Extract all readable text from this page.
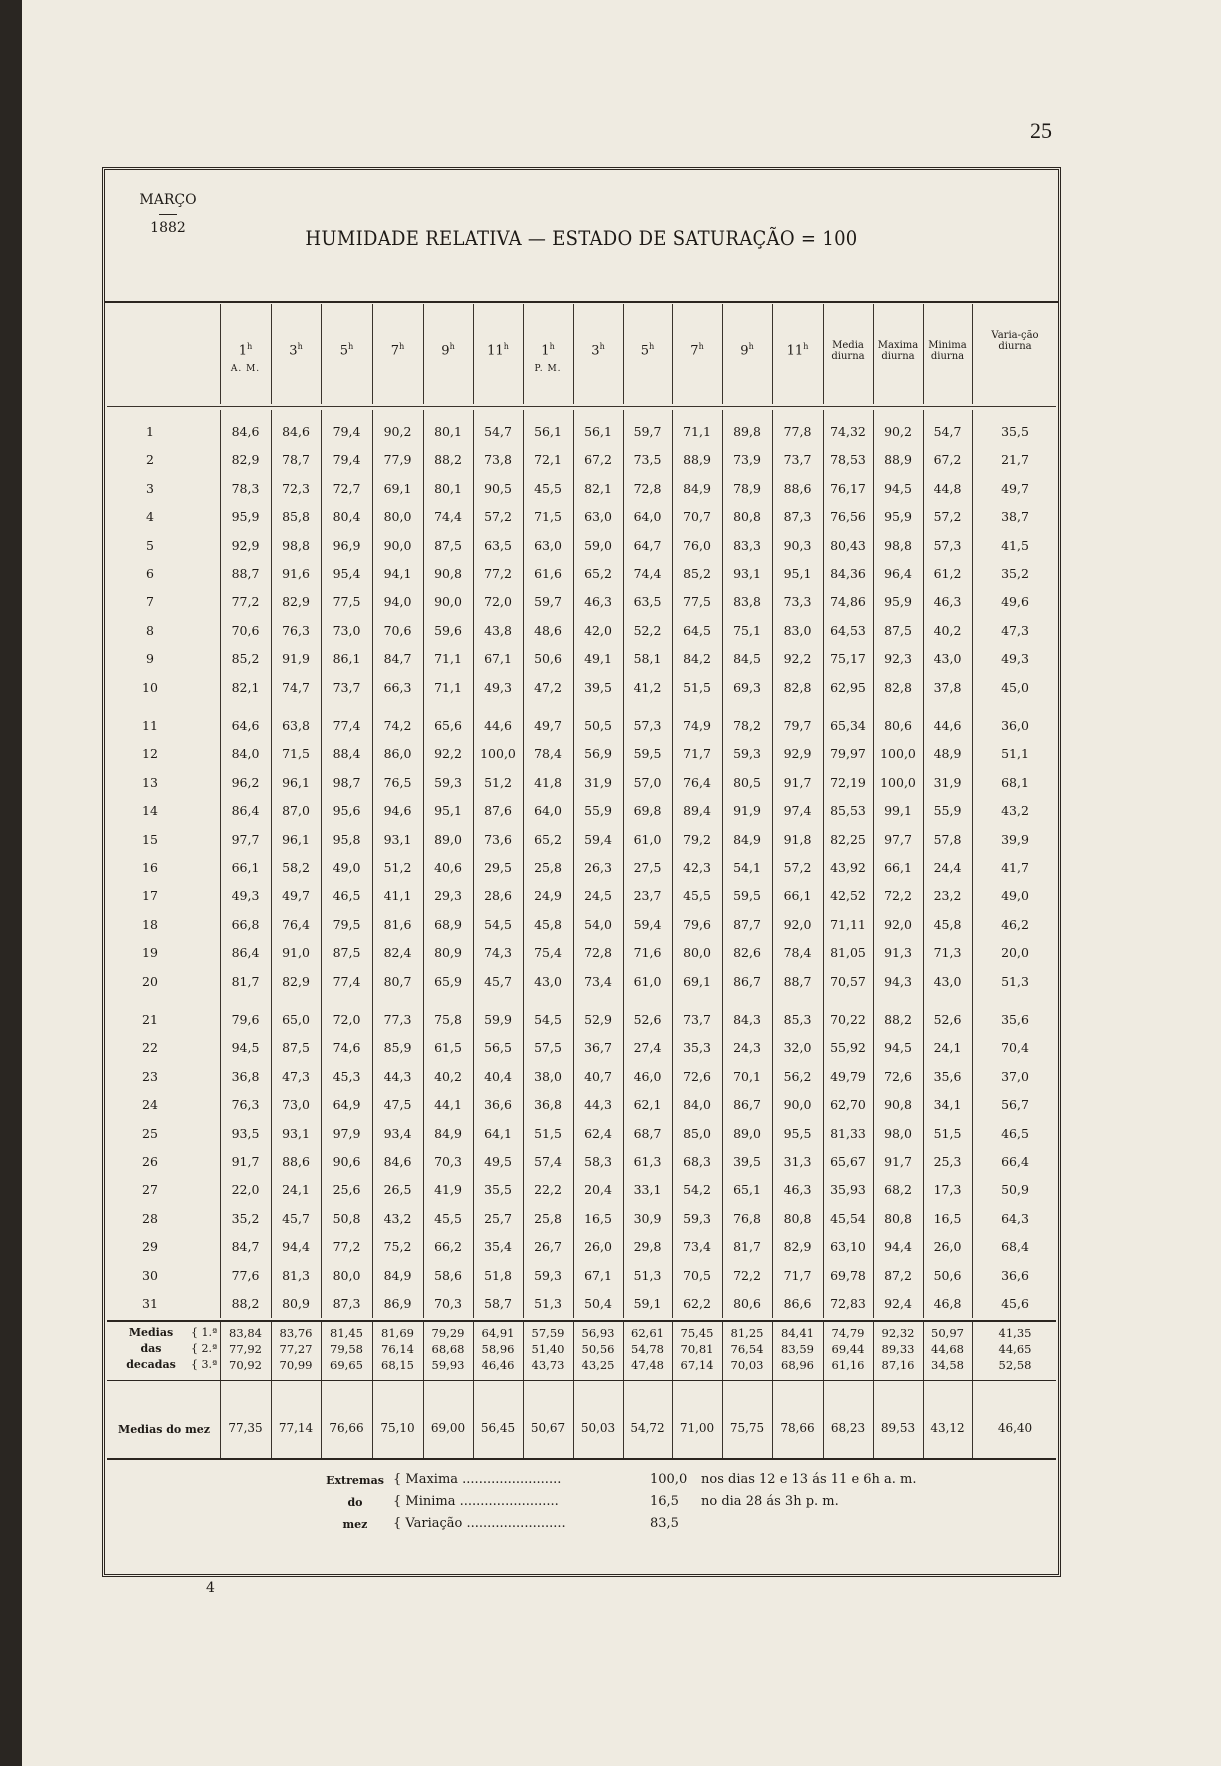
25
HUMIDADE RELATIVA — ESTADO DE SATURAÇÃO = 100
MARÇO
1882
1$^h$
A. M.
3$^h$	5$^h$	7$^h$	9$^h$	11$^h$	1$^h$
P. M.
3$^h$	5$^h$	7$^h$	9$^h$	11$^h$	Media diurna
Maxima diurna
Minima diurna
Varia-ção diurna
1	84,6	84,6	79,4	90,2	80,1	54,7	56,1	56,1	59,7	71,1	89,8	77,8	74,32	90,2	54,7	35,5
2	82,9	78,7	79,4	77,9	88,2	73,8	72,1	67,2	73,5	88,9	73,9	73,7	78,53	88,9	67,2	21,7
3	78,3	72,3	72,7	69,1	80,1	90,5	45,5	82,1	72,8	84,9	78,9	88,6	76,17	94,5	44,8	49,7
4	95,9	85,8	80,4	80,0	74,4	57,2	71,5	63,0	64,0	70,7	80,8	87,3	76,56	95,9	57,2	38,7
5	92,9	98,8	96,9	90,0	87,5	63,5	63,0	59,0	64,7	76,0	83,3	90,3	80,43	98,8	57,3	41,5
6	88,7	91,6	95,4	94,1	90,8	77,2	61,6	65,2	74,4	85,2	93,1	95,1	84,36	96,4	61,2	35,2
7	77,2	82,9	77,5	94,0	90,0	72,0	59,7	46,3	63,5	77,5	83,8	73,3	74,86	95,9	46,3	49,6
8	70,6	76,3	73,0	70,6	59,6	43,8	48,6	42,0	52,2	64,5	75,1	83,0	64,53	87,5	40,2	47,3
9	85,2	91,9	86,1	84,7	71,1	67,1	50,6	49,1	58,1	84,2	84,5	92,2	75,17	92,3	43,0	49,3
10	82,1	74,7	73,7	66,3	71,1	49,3	47,2	39,5	41,2	51,5	69,3	82,8	62,95	82,8	37,8	45,0
11	64,6	63,8	77,4	74,2	65,6	44,6	49,7	50,5	57,3	74,9	78,2	79,7	65,34	80,6	44,6	36,0
12	84,0	71,5	88,4	86,0	92,2	100,0	78,4	56,9	59,5	71,7	59,3	92,9	79,97	100,0	48,9	51,1
13	96,2	96,1	98,7	76,5	59,3	51,2	41,8	31,9	57,0	76,4	80,5	91,7	72,19	100,0	31,9	68,1
14	86,4	87,0	95,6	94,6	95,1	87,6	64,0	55,9	69,8	89,4	91,9	97,4	85,53	99,1	55,9	43,2
15	97,7	96,1	95,8	93,1	89,0	73,6	65,2	59,4	61,0	79,2	84,9	91,8	82,25	97,7	57,8	39,9
16	66,1	58,2	49,0	51,2	40,6	29,5	25,8	26,3	27,5	42,3	54,1	57,2	43,92	66,1	24,4	41,7
17	49,3	49,7	46,5	41,1	29,3	28,6	24,9	24,5	23,7	45,5	59,5	66,1	42,52	72,2	23,2	49,0
18	66,8	76,4	79,5	81,6	68,9	54,5	45,8	54,0	59,4	79,6	87,7	92,0	71,11	92,0	45,8	46,2
19	86,4	91,0	87,5	82,4	80,9	74,3	75,4	72,8	71,6	80,0	82,6	78,4	81,05	91,3	71,3	20,0
20	81,7	82,9	77,4	80,7	65,9	45,7	43,0	73,4	61,0	69,1	86,7	88,7	70,57	94,3	43,0	51,3
21	79,6	65,0	72,0	77,3	75,8	59,9	54,5	52,9	52,6	73,7	84,3	85,3	70,22	88,2	52,6	35,6
22	94,5	87,5	74,6	85,9	61,5	56,5	57,5	36,7	27,4	35,3	24,3	32,0	55,92	94,5	24,1	70,4
23	36,8	47,3	45,3	44,3	40,2	40,4	38,0	40,7	46,0	72,6	70,1	56,2	49,79	72,6	35,6	37,0
24	76,3	73,0	64,9	47,5	44,1	36,6	36,8	44,3	62,1	84,0	86,7	90,0	62,70	90,8	34,1	56,7
25	93,5	93,1	97,9	93,4	84,9	64,1	51,5	62,4	68,7	85,0	89,0	95,5	81,33	98,0	51,5	46,5
26	91,7	88,6	90,6	84,6	70,3	49,5	57,4	58,3	61,3	68,3	39,5	31,3	65,67	91,7	25,3	66,4
27	22,0	24,1	25,6	26,5	41,9	35,5	22,2	20,4	33,1	54,2	65,1	46,3	35,93	68,2	17,3	50,9
28	35,2	45,7	50,8	43,2	45,5	25,7	25,8	16,5	30,9	59,3	76,8	80,8	45,54	80,8	16,5	64,3
29	84,7	94,4	77,2	75,2	66,2	35,4	26,7	26,0	29,8	73,4	81,7	82,9	63,10	94,4	26,0	68,4
30	77,6	81,3	80,0	84,9	58,6	51,8	59,3	67,1	51,3	70,5	72,2	71,7	69,78	87,2	50,6	36,6
31	88,2	80,9	87,3	86,9	70,3	58,7	51,3	50,4	59,1	62,2	80,6	86,6	72,83	92,4	46,8	45,6
Medias
das
decadas
{ 1.ª
{ 2.ª
{ 3.ª
83,84	83,76	81,45	81,69	79,29	64,91	57,59	56,93	62,61	75,45	81,25	84,41	74,79	92,32	50,97	41,35
77,92	77,27	79,58	76,14	68,68	58,96	51,40	50,56	54,78	70,81	76,54	83,59	69,44	89,33	44,68	44,65
70,92	70,99	69,65	68,15	59,93	46,46	43,73	43,25	47,48	67,14	70,03	68,96	61,16	87,16	34,58	52,58
Medias do mez	77,35	77,14	76,66	75,10	69,00	56,45	50,67	50,03	54,72	71,00	75,75	78,66	68,23	89,53	43,12	46,40
Extremas
do
mez
{ Maxima ........................	100,0 nos dias 12 e 13 ás 11 e 6h a. m.
{ Minima ........................	16,5 no dia 28 ás 3h p. m.
{ Variação ........................	83,5
4
